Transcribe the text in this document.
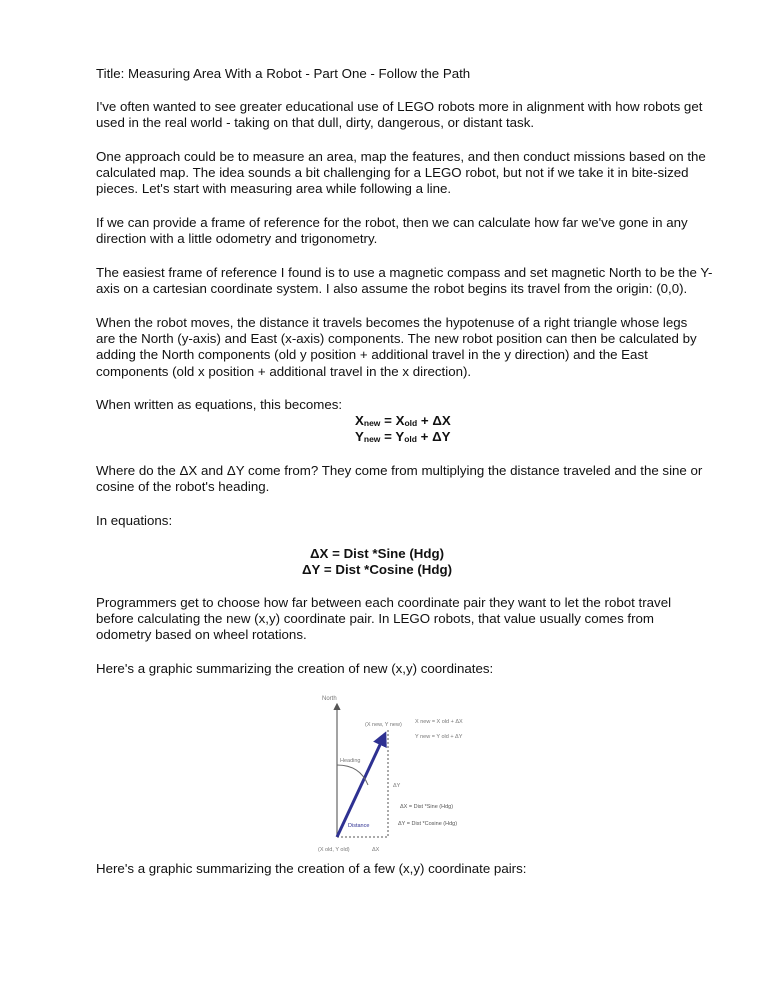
Title: Measuring Area With a Robot - Part One - Follow the Path
I've often wanted to see greater educational use of LEGO robots more in alignment with how robots get
used in the real world - taking on that dull, dirty, dangerous, or distant task.
One approach could be to measure an area, map the features, and then conduct missions based on the
calculated map. The idea sounds a bit challenging for a LEGO robot, but not if we take it in bite-sized
pieces. Let's start with measuring area while following a line.
If we can provide a frame of reference for the robot, then we can calculate how far we've gone in any
direction with a little odometry and trigonometry.
The easiest frame of reference I found is to use a magnetic compass and set magnetic North to be the Y-
axis on a cartesian coordinate system. I also assume the robot begins its travel from the origin: (0,0).
When the robot moves, the distance it travels becomes the hypotenuse of a right triangle whose legs
are the North (y-axis) and East (x-axis) components. The new robot position can then be calculated by
adding the North components (old y position + additional travel in the y direction) and the East
components (old x position + additional travel in the x direction).
When written as equations, this becomes:
Where do the ΔX and ΔY come from? They come from multiplying the distance traveled and the sine or
cosine of the robot's heading.
In equations:
Programmers get to choose how far between each coordinate pair they want to let the robot travel
before calculating the new (x,y) coordinate pair. In LEGO robots, that value usually comes from
odometry based on wheel rotations.
Here's a graphic summarizing the creation of new (x,y) coordinates:
Here's a graphic summarizing the creation of a few (x,y) coordinate pairs:
$X_{new} = X_{old} + \Delta X$
$Y_{new} = Y_{old} + \Delta Y$
ΔX = Dist *Sine (Hdg)
ΔY = Dist *Cosine (Hdg)
North
(X new, Y new)
Heading
ΔY
Distance
(X old, Y old)	ΔX
X new = X old + ΔX
Y new = Y old + ΔY
ΔX = Dist *Sine (Hdg)
ΔY = Dist *Cosine (Hdg)
